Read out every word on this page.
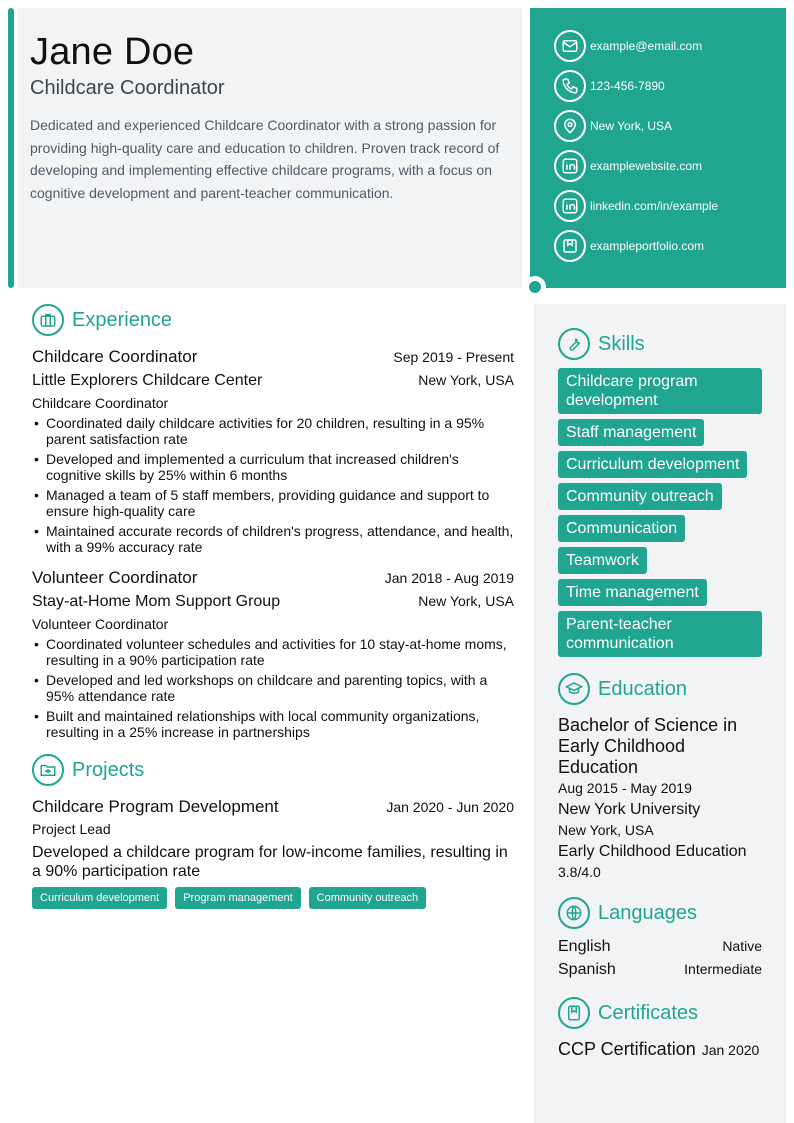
Jane Doe
Childcare Coordinator

Dedicated and experienced Childcare Coordinator with a strong passion for providing high-quality care and education to children. Proven track record of developing and implementing effective childcare programs, with a focus on cognitive development and parent-teacher communication.

example@email.com
123-456-7890
New York, USA
examplewebsite.com
linkedin.com/in/example
exampleportfolio.com
Experience
Childcare Coordinator	Sep 2019 - Present
Little Explorers Childcare Center	New York, USA
Childcare Coordinator
• Coordinated daily childcare activities for 20 children, resulting in a 95% parent satisfaction rate
• Developed and implemented a curriculum that increased children's cognitive skills by 25% within 6 months
• Managed a team of 5 staff members, providing guidance and support to ensure high-quality care
• Maintained accurate records of children's progress, attendance, and health, with a 99% accuracy rate
Volunteer Coordinator	Jan 2018 - Aug 2019
Stay-at-Home Mom Support Group	New York, USA
Volunteer Coordinator
• Coordinated volunteer schedules and activities for 10 stay-at-home moms, resulting in a 90% participation rate
• Developed and led workshops on childcare and parenting topics, with a 95% attendance rate
• Built and maintained relationships with local community organizations, resulting in a 25% increase in partnerships
Projects
Childcare Program Development	Jan 2020 - Jun 2020
Project Lead
Developed a childcare program for low-income families, resulting in a 90% participation rate
Curriculum development	Program management	Community outreach
Skills
Childcare program development
Staff management
Curriculum development
Community outreach
Communication
Teamwork
Time management

Parent-teacher communication
Education
Bachelor of Science in Early Childhood Education
Aug 2015 - May 2019
New York University
New York, USA
Early Childhood Education
3.8/4.0
Languages
English	Native
Spanish	Intermediate
Certificates
CCP Certification Jan 2020
